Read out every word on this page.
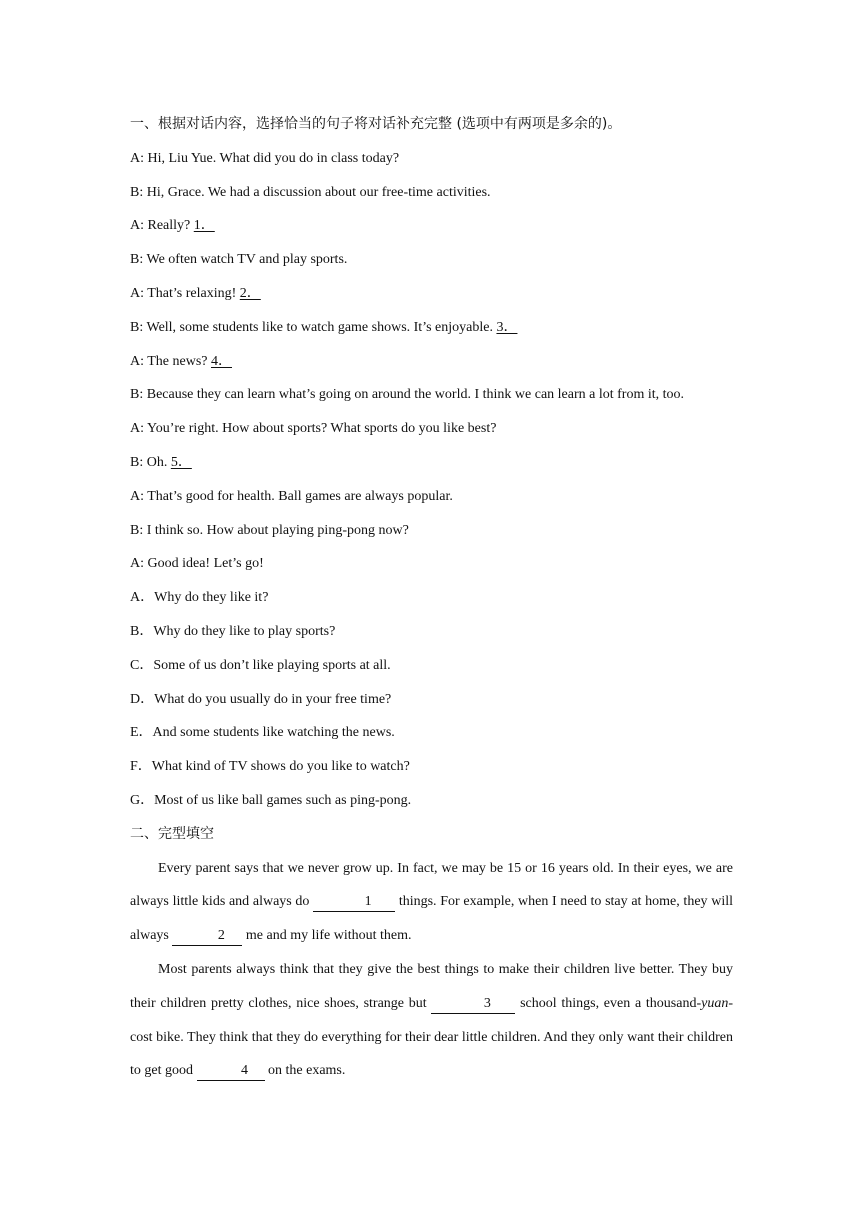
一、根据对话内容，选择恰当的句子将对话补充完整 (选项中有两项是多余的)。
A: Hi, Liu Yue. What did you do in class today?
B: Hi, Grace. We had a discussion about our free-time activities.
A: Really? 1．
B: We often watch TV and play sports.
A: That’s relaxing! 2．
B: Well, some students like to watch game shows. It’s enjoyable. 3．
A: The news? 4．
B: Because they can learn what’s going on around the world. I think we can learn a lot from it, too.
A: You’re right. How about sports? What sports do you like best?
B: Oh. 5．
A: That’s good for health. Ball games are always popular.
B: I think so. How about playing ping-pong now?
A: Good idea! Let’s go!
A．Why do they like it?
B．Why do they like to play sports?
C．Some of us don’t like playing sports at all.
D．What do you usually do in your free time?
E．And some students like watching the news.
F．What kind of TV shows do you like to watch?
G．Most of us like ball games such as ping-pong.
二、完型填空

Every parent says that we never grow up. In fact, we may be 15 or 16 years old. In their eyes, we are always little kids and always do	1 things. For example, when I need to stay at home, they will always	2 me and my life without them.

Most parents always think that they give the best things to make their children live better. They buy their children pretty clothes, nice shoes, strange but	3 school things, even a thousand-yuan-cost bike. They think that they do everything for their dear little children. And they only want their children to get good	4 on the exams.
